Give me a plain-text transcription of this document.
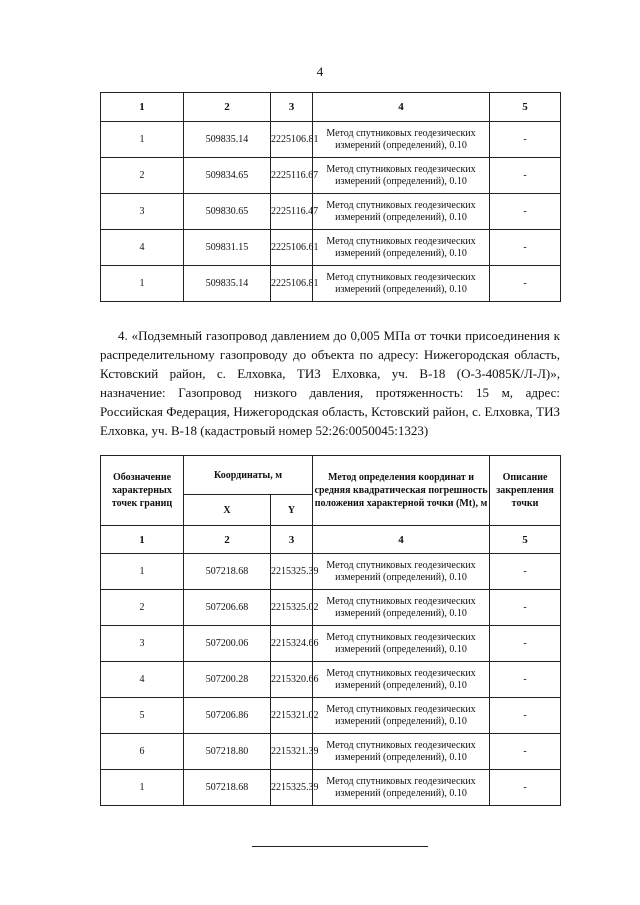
4
1	2	3	4	5
1	509835.14	2225106.81	Метод спутниковых геодезических измерений (определений), 0.10	-
2	509834.65	2225116.67	Метод спутниковых геодезических измерений (определений), 0.10	-
3	509830.65	2225116.47	Метод спутниковых геодезических измерений (определений), 0.10	-
4	509831.15	2225106.61	Метод спутниковых геодезических измерений (определений), 0.10	-
1	509835.14	2225106.81	Метод спутниковых геодезических измерений (определений), 0.10	-

4. «Подземный газопровод давлением до 0,005 МПа от точки присоединения к распределительному газопроводу до объекта по адресу: Нижегородская область, Кстовский район, с. Елховка, ТИЗ Елховка, уч. В-18 (О-3-4085К/Л-Л)», назначение: Газопровод низкого давления, протяженность: 15 м, адрес: Российская Федерация, Нижегородская область, Кстовский район, с. Елховка, ТИЗ Елховка, уч. В-18 (кадастровый номер 52:26:0050045:1323)

Обозначение характерных точек границ	Координаты, м		Метод определения координат и средняя квадратическая погрешность положения характерной точки (Mt), м	Описание закрепления точки
	X	Y		
1	2	3	4	5
1	507218.68	2215325.39	Метод спутниковых геодезических измерений (определений), 0.10	-
2	507206.68	2215325.02	Метод спутниковых геодезических измерений (определений), 0.10	-
3	507200.06	2215324.66	Метод спутниковых геодезических измерений (определений), 0.10	-
4	507200.28	2215320.66	Метод спутниковых геодезических измерений (определений), 0.10	-
5	507206.86	2215321.02	Метод спутниковых геодезических измерений (определений), 0.10	-
6	507218.80	2215321.39	Метод спутниковых геодезических измерений (определений), 0.10	-
1	507218.68	2215325.39	Метод спутниковых геодезических измерений (определений), 0.10	-
